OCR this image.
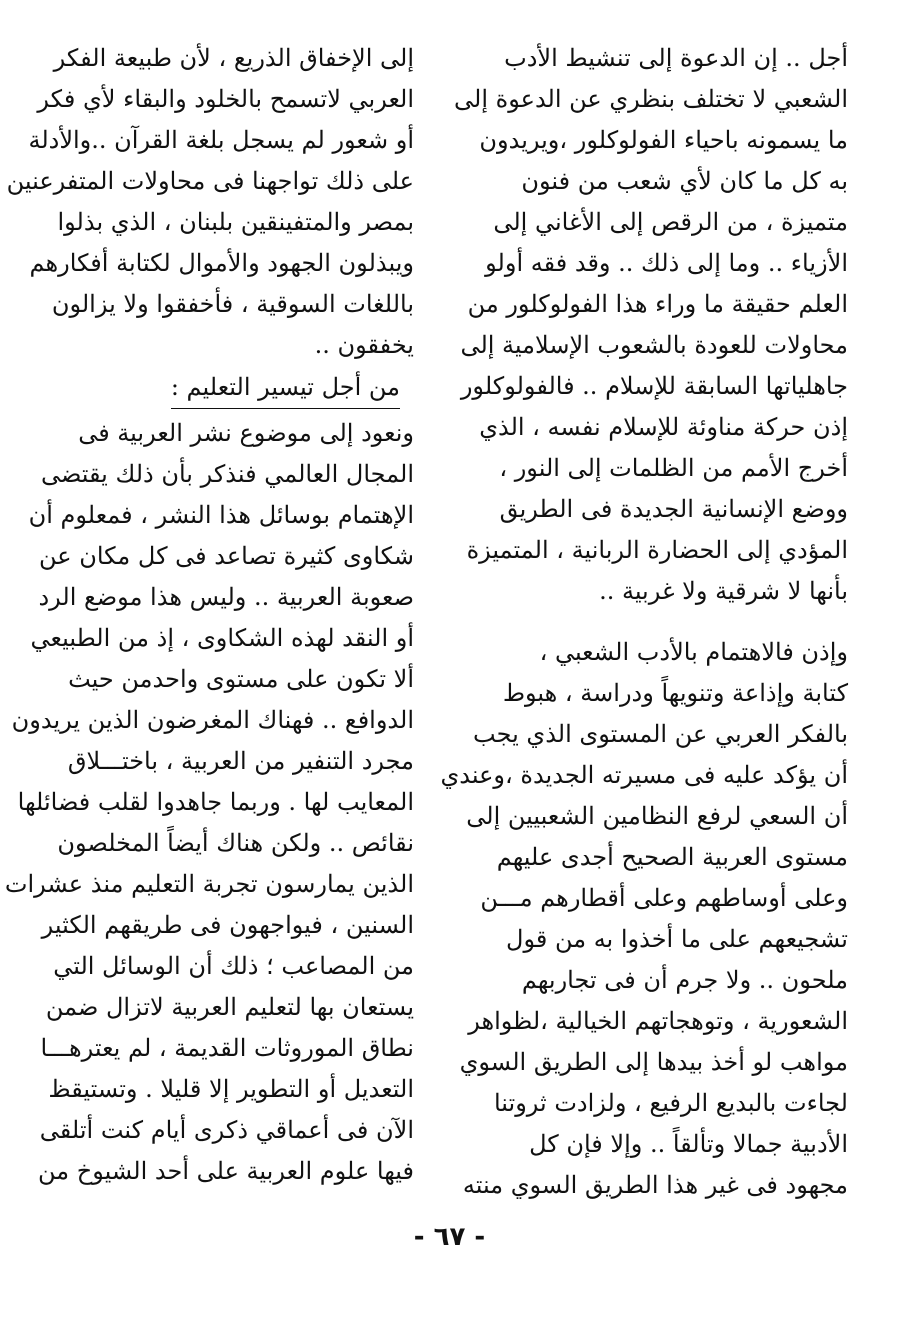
أجل .. إن الدعوة إلى تنشيط الأدب
الشعبي لا تختلف بنظري عن الدعوة إلى
ما يسمونه باحياء الفولوكلور ،ويريدون
به كل ما كان لأي شعب من فنون
متميزة ، من الرقص إلى الأغاني إلى
الأزياء .. وما إلى ذلك .. وقد فقه أولو
العلم حقيقة ما وراء هذا الفولوكلور من
محاولات للعودة بالشعوب الإسلامية إلى
جاهلياتها السابقة للإسلام .. فالفولوكلور
إذن حركة مناوئة للإسلام نفسه ، الذي
أخرج الأمم من الظلمات إلى النور ،
ووضع الإنسانية الجديدة فى الطريق
المؤدي إلى الحضارة الربانية ، المتميزة
بأنها لا شرقية ولا غربية ..
وإذن فالاهتمام بالأدب الشعبي ،
كتابة وإذاعة وتنويهاً ودراسة ، هبوط
بالفكر العربي عن المستوى الذي يجب
أن يؤكد عليه فى مسيرته الجديدة ،وعندي
أن السعي لرفع النظامين الشعبيين إلى
مستوى العربية الصحيح أجدى عليهم
وعلى أوساطهم وعلى أقطارهم مـــن
تشجيعهم على ما أخذوا به من قول
ملحون .. ولا جرم أن فى تجاربهم
الشعورية ، وتوهجاتهم الخيالية ،لظواهر
مواهب لو أخذ بيدها إلى الطريق السوي
لجاءت بالبديع الرفيع ، ولزادت ثروتنا
الأدبية جمالا وتألقاً .. وإلا فإن كل
مجهود فى غير هذا الطريق السوي منته
إلى الإخفاق الذريع ، لأن طبيعة الفكر
العربي لاتسمح بالخلود والبقاء لأي فكر
أو شعور لم يسجل بلغة القرآن ..والأدلة
على ذلك تواجهنا فى محاولات المتفرعنين
بمصر والمتفينقين بلبنان ، الذي بذلوا
ويبذلون الجهود والأموال لكتابة أفكارهم
باللغات السوقية ، فأخفقوا ولا يزالون
يخفقون ..
من أجل تيسير التعليم :
ونعود إلى موضوع نشر العربية فى
المجال العالمي فنذكر بأن ذلك يقتضى
الإهتمام بوسائل هذا النشر ، فمعلوم أن
شكاوى كثيرة تصاعد فى كل مكان عن
صعوبة العربية .. وليس هذا موضع الرد
أو النقد لهذه الشكاوى ، إذ من الطبيعي
ألا تكون على مستوى واحدمن حيث
الدوافع .. فهناك المغرضون الذين يريدون
مجرد التنفير من العربية ، باختـــلاق
المعايب لها . وربما جاهدوا لقلب فضائلها
نقائص .. ولكن هناك أيضاً المخلصون
الذين يمارسون تجربة التعليم منذ عشرات
السنين ، فيواجهون فى طريقهم الكثير
من المصاعب ؛ ذلك أن الوسائل التي
يستعان بها لتعليم العربية لاتزال ضمن
نطاق الموروثات القديمة ، لم يعترهـــا
التعديل أو التطوير إلا قليلا . وتستيقظ
الآن فى أعماقي ذكرى أيام كنت أتلقى
فيها علوم العربية على أحد الشيوخ من
- ٦٧ -
